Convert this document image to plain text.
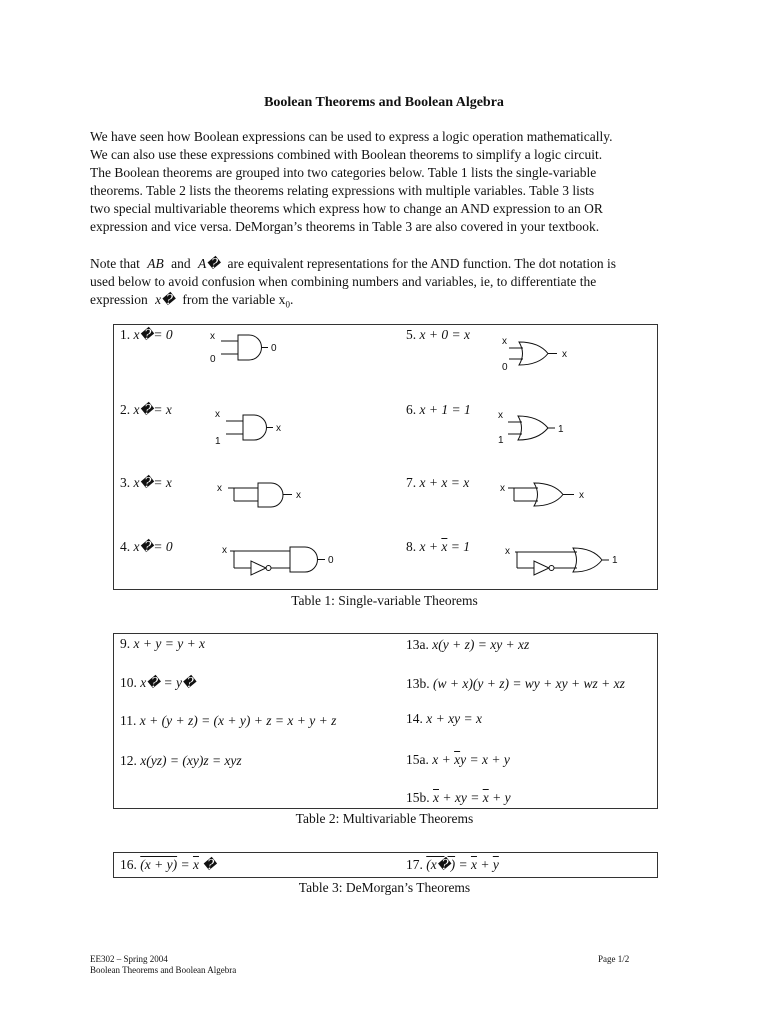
Boolean Theorems and Boolean Algebra
We have seen how Boolean expressions can be used to express a logic operation mathematically.
We can also use these expressions combined with Boolean theorems to simplify a logic circuit.
The Boolean theorems are grouped into two categories below. Table 1 lists the single-variable
theorems. Table 2 lists the theorems relating expressions with multiple variables. Table 3 lists
two special multivariable theorems which express how to change an AND expression to an OR
expression and vice versa. DeMorgan’s theorems in Table 3 are also covered in your textbook.
Note that AB and A� are equivalent representations for the AND function. The dot notation is
used below to avoid confusion when combining numbers and variables, ie, to differentiate the
expression x� from the variable $x_0$.
1. x�= 0
2. x�= x
3. x�= x
4. x�= 0
5. x + 0 = x
6. x + 1 = 1
7. x + x = x
8. $x + \overline{x} = 1$
x
0
0
x
1
x
x
x
x
0
x
0
x
x
1
1
x
x
x
1
Table 1: Single-variable Theorems
9. x + y = y + x
10. x� = y�
11. x + (y + z) = (x + y) + z = x + y + z
12. x(yz) = (xy)z = xyz
13a. x(y + z) = xy + xz
13b. (w + x)(y + z) = wy + xy + wz + xz
14. x + xy = x
15a. $x + \overline{x}y = x + y$
15b. $\overline{x}$ + xy = $\overline{x} + y$
Table 2: Multivariable Theorems
16. $(x + y) = \overline{x}$ �	17. (x�) = $\overline{x} + \overline{y}$
Table 3: DeMorgan’s Theorems
EE302 – Spring 2004
Boolean Theorems and Boolean Algebra
Page 1/2
